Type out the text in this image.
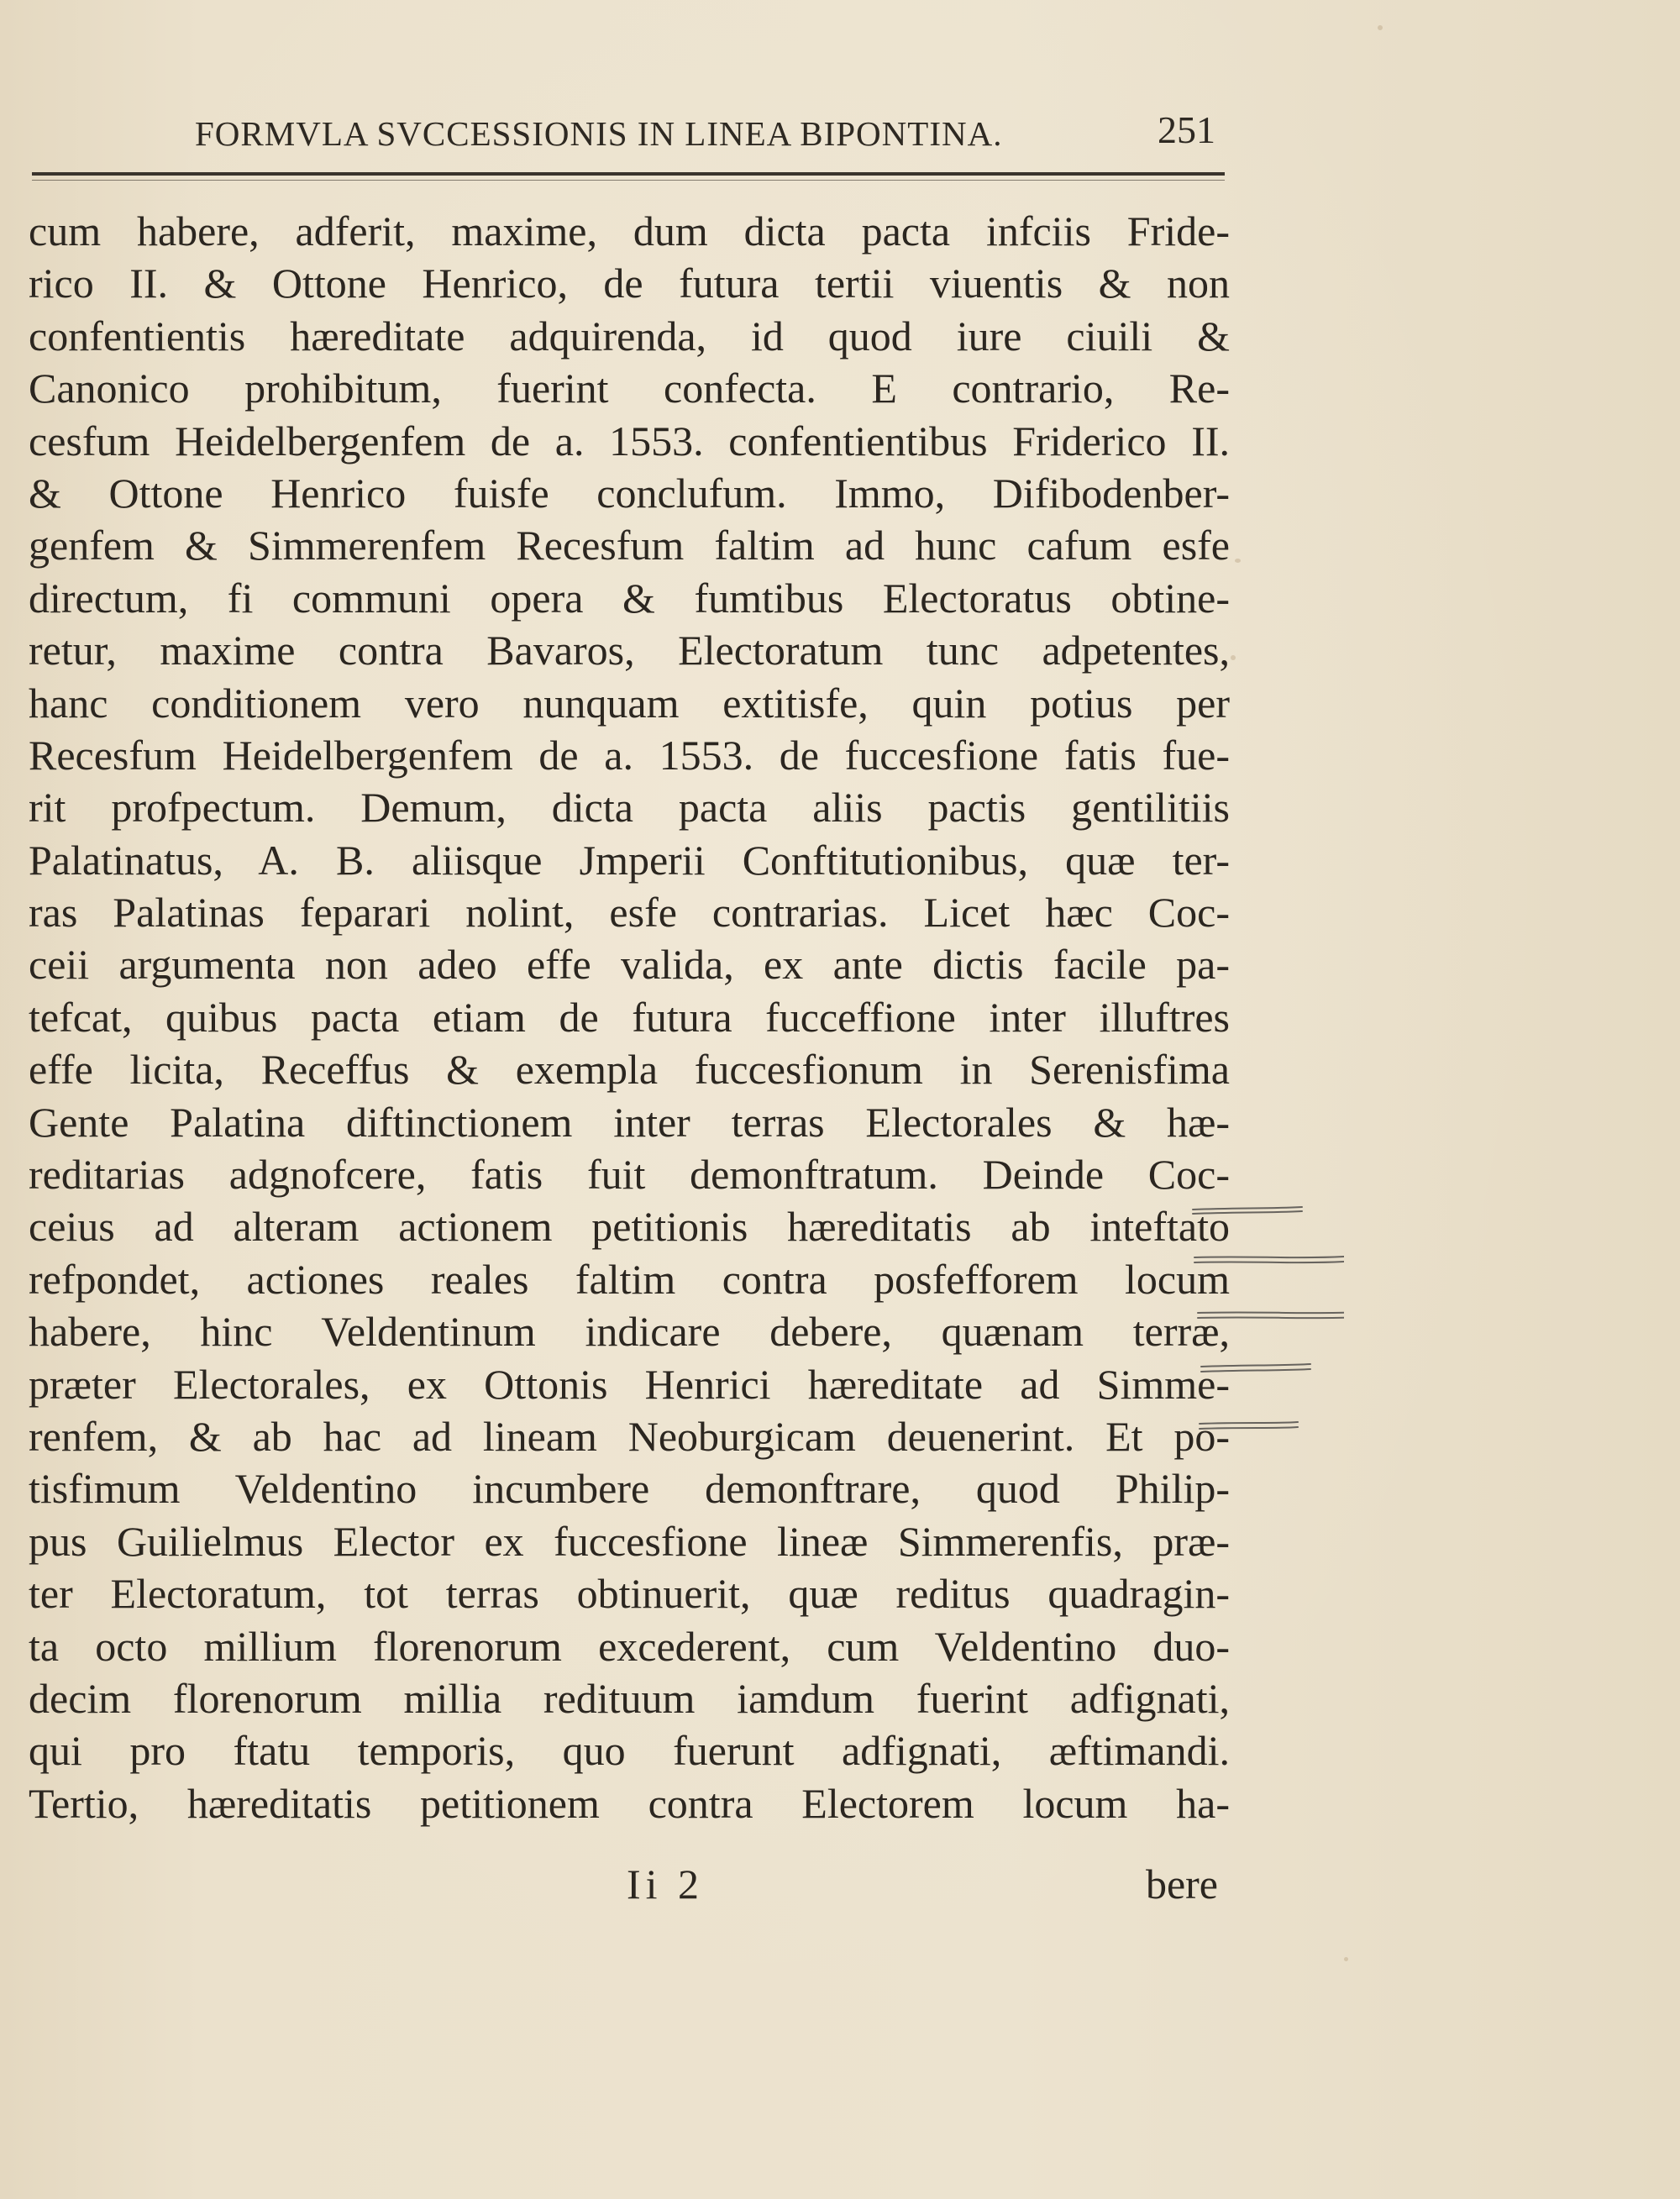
FORMVLA SVCCESSIONIS IN LINEA BIPONTINA.	251
cum habere, adferit, maxime, dum dicta pacta infciis Fride-
rico II. & Ottone Henrico, de futura tertii viuentis & non
confentientis hæreditate adquirenda, id quod iure ciuili &
Canonico prohibitum, fuerint confecta. E contrario, Re-
cesfum Heidelbergenfem de a. 1553. confentientibus Friderico II.
& Ottone Henrico fuisfe conclufum. Immo, Difibodenber-
genfem & Simmerenfem Recesfum faltim ad hunc cafum esfe
directum, fi communi opera & fumtibus Electoratus obtine-
retur, maxime contra Bavaros, Electoratum tunc adpetentes,
hanc conditionem vero nunquam extitisfe, quin potius per
Recesfum Heidelbergenfem de a. 1553. de fuccesfione fatis fue-
rit profpectum. Demum, dicta pacta aliis pactis gentilitiis
Palatinatus, A. B. aliisque Jmperii Conftitutionibus, quæ ter-
ras Palatinas feparari nolint, esfe contrarias. Licet hæc Coc-
ceii argumenta non adeo effe valida, ex ante dictis facile pa-
tefcat, quibus pacta etiam de futura fucceffione inter illuftres
effe licita, Receffus & exempla fuccesfionum in Serenisfima
Gente Palatina diftinctionem inter terras Electorales & hæ-
reditarias adgnofcere, fatis fuit demonftratum. Deinde Coc-
ceius ad alteram actionem petitionis hæreditatis ab inteftato
refpondet, actiones reales faltim contra posfefforem locum
habere, hinc Veldentinum indicare debere, quænam terræ,
præter Electorales, ex Ottonis Henrici hæreditate ad Simme-
renfem, & ab hac ad lineam Neoburgicam deuenerint. Et po-
tisfimum Veldentino incumbere demonftrare, quod Philip-
pus Guilielmus Elector ex fuccesfione lineæ Simmerenfis, præ-
ter Electoratum, tot terras obtinuerit, quæ reditus quadragin-
ta octo millium florenorum excederent, cum Veldentino duo-
decim florenorum millia redituum iamdum fuerint adfignati,
qui pro ftatu temporis, quo fuerunt adfignati, æftimandi.
Tertio, hæreditatis petitionem contra Electorem locum ha-
Ii 2	bere
